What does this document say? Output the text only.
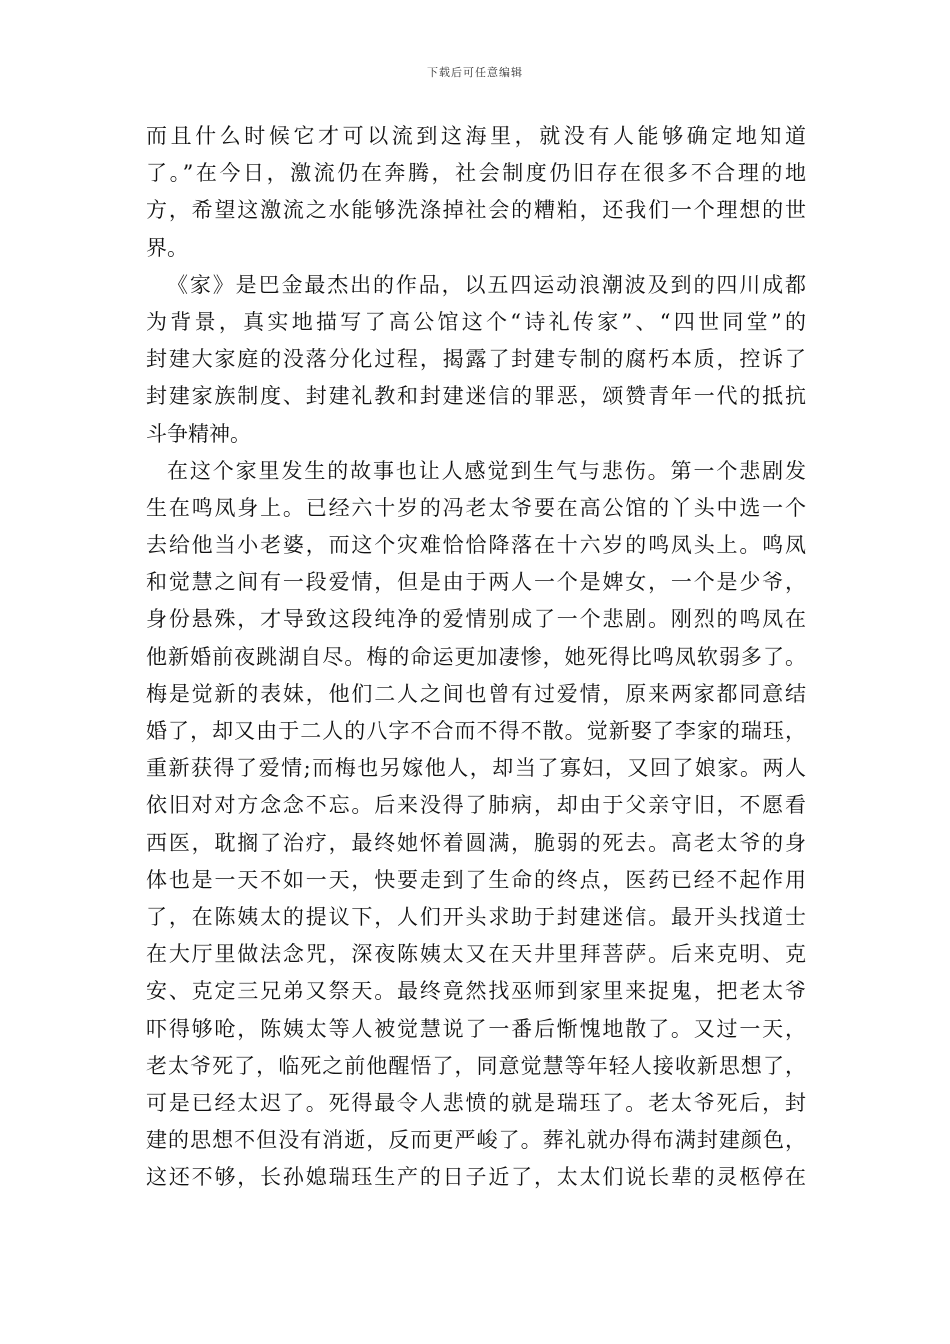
下载后可任意编辑
而且什么时候它才可以流到这海里，就没有人能够确定地知道
了。”在今日，激流仍在奔腾，社会制度仍旧存在很多不合理的地
方，希望这激流之水能够洗涤掉社会的糟粕，还我们一个理想的世
界。
《家》是巴金最杰出的作品，以五四运动浪潮波及到的四川成都
为背景，真实地描写了高公馆这个“诗礼传家”、“四世同堂”的
封建大家庭的没落分化过程，揭露了封建专制的腐朽本质，控诉了
封建家族制度、封建礼教和封建迷信的罪恶，颂赞青年一代的抵抗
斗争精神。
在这个家里发生的故事也让人感觉到生气与悲伤。第一个悲剧发
生在鸣凤身上。已经六十岁的冯老太爷要在高公馆的丫头中选一个
去给他当小老婆，而这个灾难恰恰降落在十六岁的鸣凤头上。鸣凤
和觉慧之间有一段爱情，但是由于两人一个是婢女，一个是少爷，
身份悬殊，才导致这段纯净的爱情别成了一个悲剧。刚烈的鸣凤在
他新婚前夜跳湖自尽。梅的命运更加凄惨，她死得比鸣凤软弱多了。
梅是觉新的表妹，他们二人之间也曾有过爱情，原来两家都同意结
婚了，却又由于二人的八字不合而不得不散。觉新娶了李家的瑞珏，
重新获得了爱情;而梅也另嫁他人，却当了寡妇，又回了娘家。两人
依旧对对方念念不忘。后来没得了肺病，却由于父亲守旧，不愿看
西医，耽搁了治疗，最终她怀着圆满，脆弱的死去。高老太爷的身
体也是一天不如一天，快要走到了生命的终点，医药已经不起作用
了，在陈姨太的提议下，人们开头求助于封建迷信。最开头找道士
在大厅里做法念咒，深夜陈姨太又在天井里拜菩萨。后来克明、克
安、克定三兄弟又祭天。最终竟然找巫师到家里来捉鬼，把老太爷
吓得够呛，陈姨太等人被觉慧说了一番后惭愧地散了。又过一天，
老太爷死了，临死之前他醒悟了，同意觉慧等年轻人接收新思想了，
可是已经太迟了。死得最令人悲愤的就是瑞珏了。老太爷死后，封
建的思想不但没有消逝，反而更严峻了。葬礼就办得布满封建颜色，
这还不够，长孙媳瑞珏生产的日子近了，太太们说长辈的灵柩停在
